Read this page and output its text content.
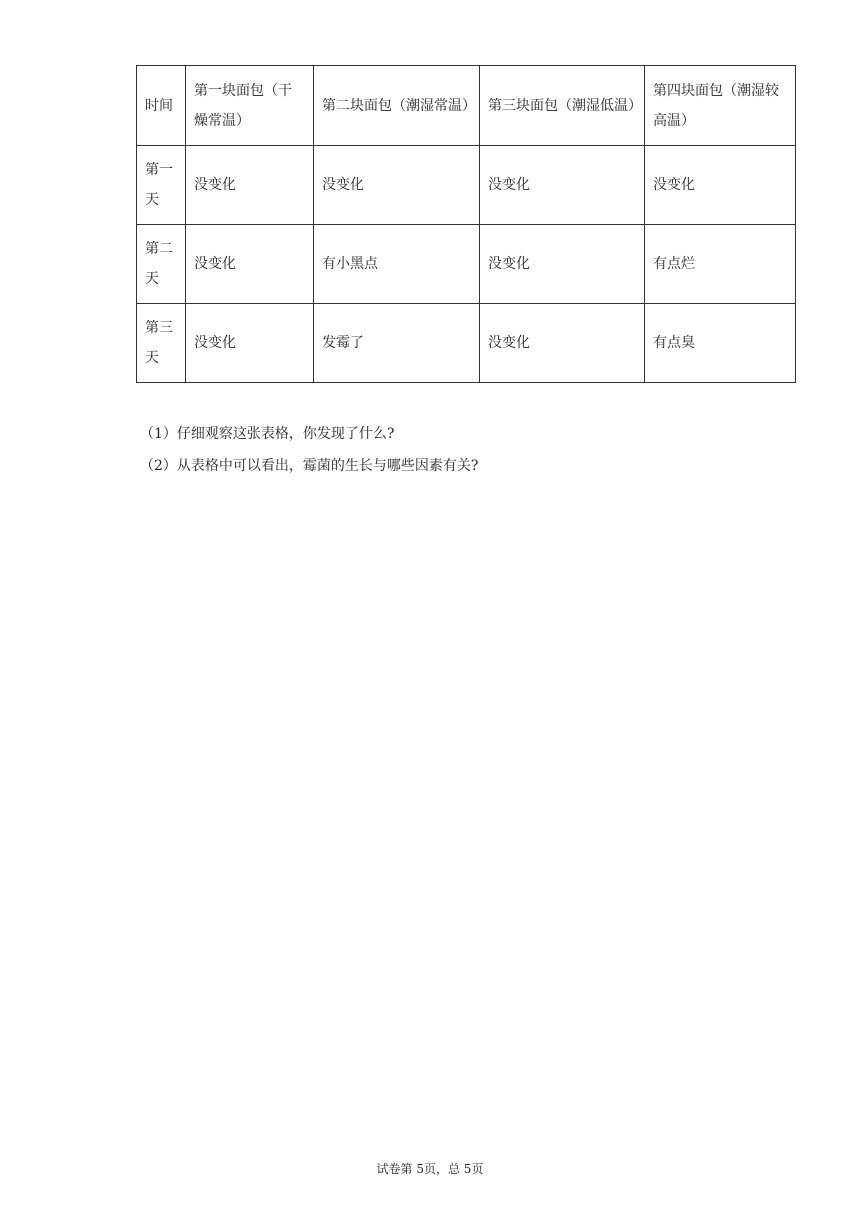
时间	第一块面包（干燥常温）	第二块面包（潮湿常温）	第三块面包（潮湿低温）	第四块面包（潮湿较高温）
第一天	没变化	没变化	没变化	没变化
第二天	没变化	有小黑点	没变化	有点烂
第三天	没变化	发霉了	没变化	有点臭
（1）仔细观察这张表格，你发现了什么?
（2）从表格中可以看出，霉菌的生长与哪些因素有关?
试卷第 5页，总 5页
